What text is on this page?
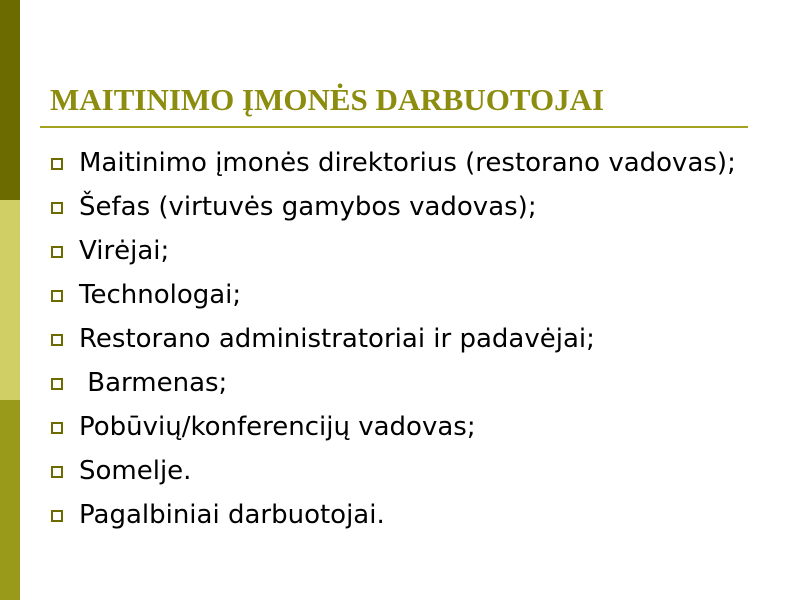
MAITINIMO ĮMONĖS DARBUOTOJAI
Maitinimo įmonės direktorius (restorano vadovas);
Šefas (virtuvės gamybos vadovas);
Virėjai;
Technologai;
Restorano administratoriai ir padavėjai;
Barmenas;
Pobūvių/konferencijų vadovas;
Somelje.
Pagalbiniai darbuotojai.
